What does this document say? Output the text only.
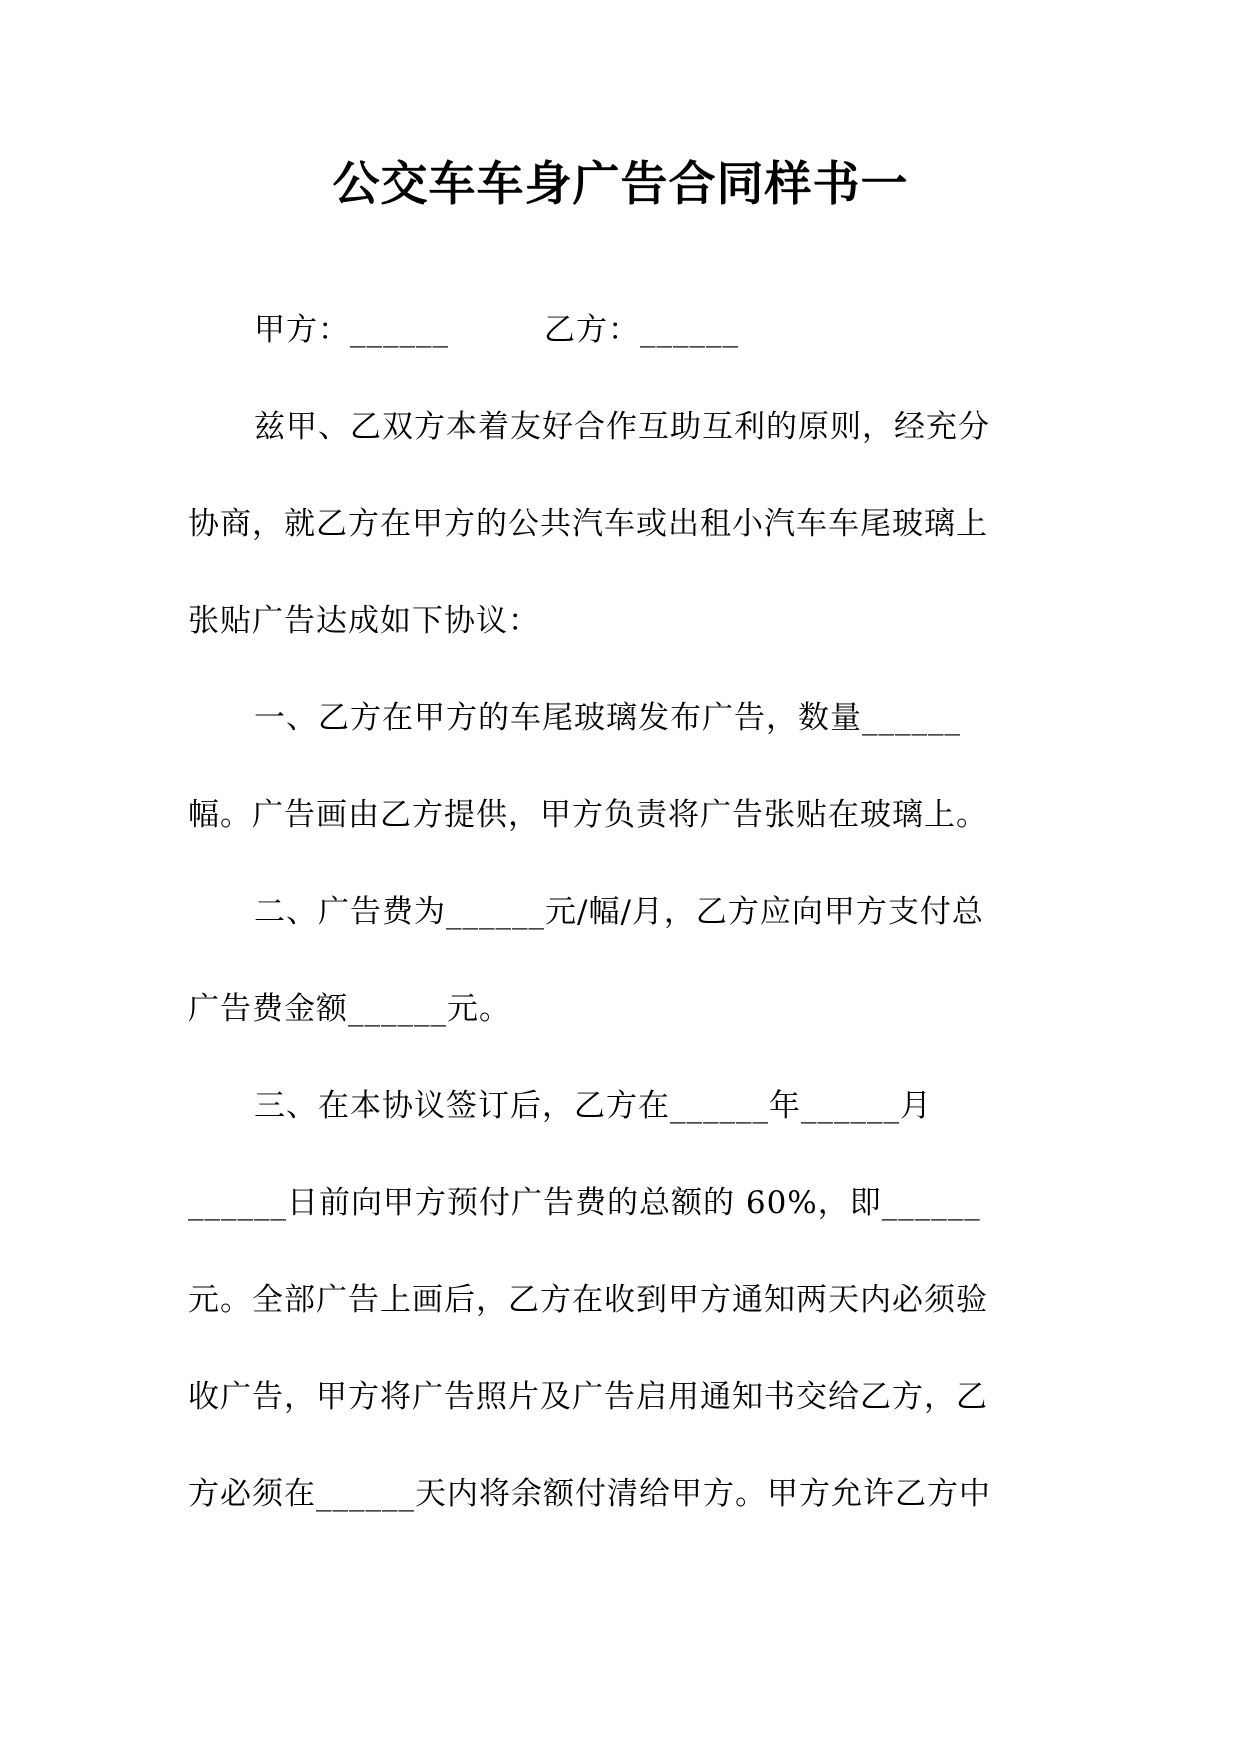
公交车车身广告合同样书一
甲方：______	乙方：______
兹甲、乙双方本着友好合作互助互利的原则，经充分
协商，就乙方在甲方的公共汽车或出租小汽车车尾玻璃上
张贴广告达成如下协议：
一、乙方在甲方的车尾玻璃发布广告，数量______
幅。广告画由乙方提供，甲方负责将广告张贴在玻璃上。
二、广告费为______元/幅/月，乙方应向甲方支付总
广告费金额______元。
三、在本协议签订后，乙方在______年______月
______日前向甲方预付广告费的总额的 60%，即______
元。全部广告上画后，乙方在收到甲方通知两天内必须验
收广告，甲方将广告照片及广告启用通知书交给乙方，乙
方必须在______天内将余额付清给甲方。甲方允许乙方中
